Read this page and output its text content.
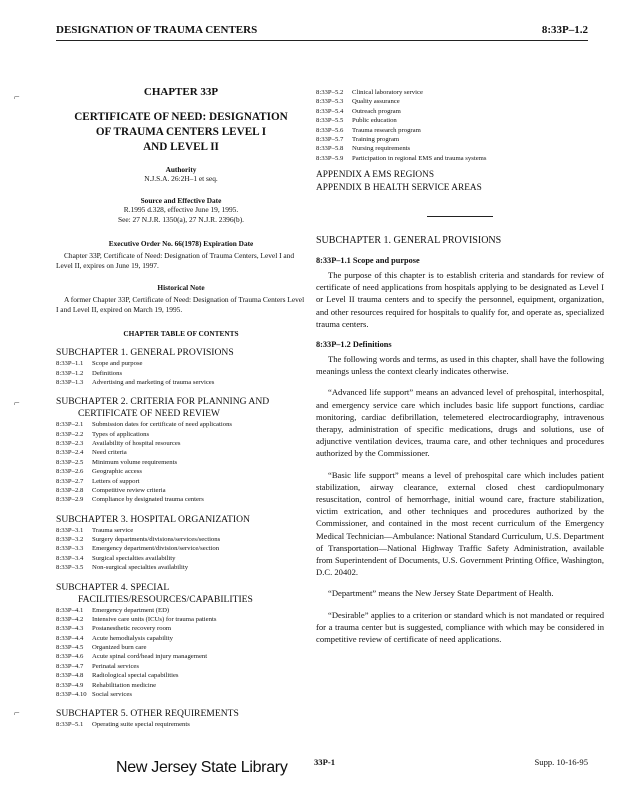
DESIGNATION OF TRAUMA CENTERS	8:33P–1.2
⌐
⌐
⌐
CHAPTER 33P
CERTIFICATE OF NEED: DESIGNATION
OF TRAUMA CENTERS LEVEL I
AND LEVEL II
Authority
N.J.S.A. 26:2H–1 et seq.
Source and Effective Date
R.1995 d.328, effective June 19, 1995.
See: 27 N.J.R. 1350(a), 27 N.J.R. 2396(b).
Executive Order No. 66(1978) Expiration Date
Chapter 33P, Certificate of Need: Designation of Trauma Centers, Level I and Level II, expires on June 19, 1997.
Historical Note
A former Chapter 33P, Certificate of Need: Designation of Trauma Centers Level I and Level II, expired on March 19, 1995.
CHAPTER TABLE OF CONTENTS
SUBCHAPTER 1. GENERAL PROVISIONS
8:33P–1.1	Scope and purpose
8:33P–1.2	Definitions
8:33P–1.3	Advertising and marketing of trauma services
SUBCHAPTER 2. CRITERIA FOR PLANNING AND
CERTIFICATE OF NEED REVIEW
8:33P–2.1	Submission dates for certificate of need applications
8:33P–2.2	Types of applications
8:33P–2.3	Availability of hospital resources
8:33P–2.4	Need criteria
8:33P–2.5	Minimum volume requirements
8:33P–2.6	Geographic access
8:33P–2.7	Letters of support
8:33P–2.8	Competitive review criteria
8:33P–2.9	Compliance by designated trauma centers
SUBCHAPTER 3. HOSPITAL ORGANIZATION
8:33P–3.1	Trauma service
8:33P–3.2	Surgery departments/divisions/services/sections
8:33P–3.3	Emergency department/division/service/section
8:33P–3.4	Surgical specialties availability
8:33P–3.5	Non-surgical specialties availability
SUBCHAPTER 4. SPECIAL
FACILITIES/RESOURCES/CAPABILITIES
8:33P–4.1	Emergency department (ED)
8:33P–4.2	Intensive care units (ICUs) for trauma patients
8:33P–4.3	Postanesthetic recovery room
8:33P–4.4	Acute hemodialysis capability
8:33P–4.5	Organized burn care
8:33P–4.6	Acute spinal cord/head injury management
8:33P–4.7	Perinatal services
8:33P–4.8	Radiological special capabilities
8:33P–4.9	Rehabilitation medicine
8:33P–4.10 Social services
SUBCHAPTER 5. OTHER REQUIREMENTS
8:33P–5.1	Operating suite special requirements
8:33P–5.2	Clinical laboratory service
8:33P–5.3	Quality assurance
8:33P–5.4	Outreach program
8:33P–5.5	Public education
8:33P–5.6	Trauma research program
8:33P–5.7	Training program
8:33P–5.8	Nursing requirements
8:33P–5.9	Participation in regional EMS and trauma systems
APPENDIX A EMS REGIONS
APPENDIX B HEALTH SERVICE AREAS
SUBCHAPTER 1. GENERAL PROVISIONS
8:33P–1.1 Scope and purpose

The purpose of this chapter is to establish criteria and standards for review of certificate of need applications from hospitals applying to be designated as Level I or Level II trauma centers and to specify the personnel, equipment, organization, and other resources required for hospitals to qualify for, and operate as, specialized trauma centers.

8:33P–1.2 Definitions

The following words and terms, as used in this chapter, shall have the following meanings unless the context clearly indicates otherwise.

“Advanced life support” means an advanced level of prehospital, interhospital, and emergency service care which includes basic life support functions, cardiac monitoring, cardiac defibrillation, telemetered electrocardiography, intravenous therapy, administration of specific medications, drugs and solutions, use of adjunctive ventilation devices, trauma care, and other techniques and procedures authorized by the Commissioner.

“Basic life support” means a level of prehospital care which includes patient stabilization, airway clearance, external closed chest cardiopulmonary resuscitation, control of hemorrhage, initial wound care, fracture stabilization, victim extrication, and other techniques and procedures authorized by the Commissioner, and contained in the most recent curriculum of the Emergency Medical Technician—Ambulance: National Standard Curriculum, U.S. Department of Transportation—National Highway Traffic Safety Administration, available from Superintendent of Documents, U.S. Government Printing Office, Washington, D.C. 20402.

“Department” means the New Jersey State Department of Health.

“Desirable” applies to a criterion or standard which is not mandated or required for a trauma center but is suggested, compliance with which may be considered in competitive review of certificate of need applications.

New Jersey State Library	33P-1	Supp. 10-16-95
